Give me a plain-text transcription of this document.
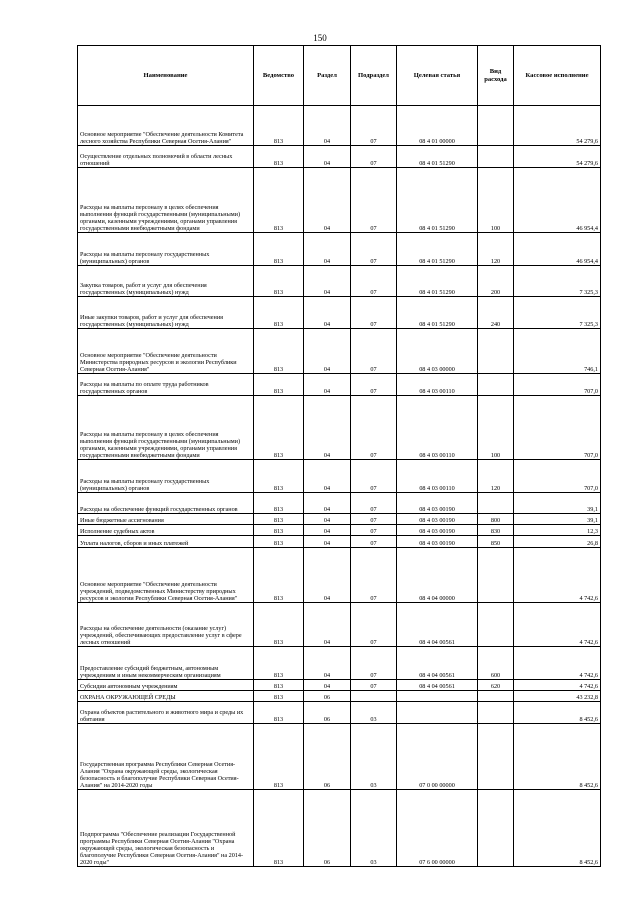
150
Наименование	Ведомство	Раздел	Подраздел	Целевая статья	Вид расхода	Кассовое исполнение
Основное мероприятие "Обеспечение деятельности Комитета лесного хозяйства Республики Северная Осетия-Алания"	813	04	07	08 4 01 00000		54 279,6
Осуществление отдельных полномочий в области лесных отношений	813	04	07	08 4 01 51290		54 279,6
Расходы на выплаты персоналу в целях обеспечения выполнения функций государственными (муниципальными) органами, казенными учреждениями, органами управления государственными внебюджетными фондами	813	04	07	08 4 01 51290	100	46 954,4
Расходы на выплаты персоналу государственных (муниципальных) органов	813	04	07	08 4 01 51290	120	46 954,4
Закупка товаров, работ и услуг для обеспечения государственных (муниципальных) нужд	813	04	07	08 4 01 51290	200	7 325,3
Иные закупки товаров, работ и услуг для обеспечения государственных (муниципальных) нужд	813	04	07	08 4 01 51290	240	7 325,3
Основное мероприятие "Обеспечение деятельности Министерства природных ресурсов и экологии Республики Северная Осетия-Алания"	813	04	07	08 4 03 00000		746,1
Расходы на выплаты по оплате труда работников государственных органов	813	04	07	08 4 03 00110		707,0
Расходы на выплаты персоналу в целях обеспечения выполнения функций государственными (муниципальными) органами, казенными учреждениями, органами управления государственными внебюджетными фондами	813	04	07	08 4 03 00110	100	707,0
Расходы на выплаты персоналу государственных (муниципальных) органов	813	04	07	08 4 03 00110	120	707,0
Расходы на обеспечение функций государственных органов	813	04	07	08 4 03 00190		39,1
Иные бюджетные ассигнования	813	04	07	08 4 03 00190	800	39,1
Исполнение судебных актов	813	04	07	08 4 03 00190	830	12,3
Уплата налогов, сборов и иных платежей	813	04	07	08 4 03 00190	850	26,8
Основное мероприятие "Обеспечение деятельности учреждений, подведомственных Министерству природных ресурсов и экологии Республики Северная Осетия-Алания"	813	04	07	08 4 04 00000		4 742,6
Расходы на обеспечение деятельности (оказание услуг) учреждений, обеспечивающих предоставление услуг в сфере лесных отношений	813	04	07	08 4 04 00561		4 742,6
Предоставление субсидий бюджетным, автономным учреждениям и иным некоммерческим организациям	813	04	07	08 4 04 00561	600	4 742,6
Субсидии автономным учреждениям	813	04	07	08 4 04 00561	620	4 742,6
ОХРАНА ОКРУЖАЮЩЕЙ СРЕДЫ	813	06				43 232,8
Охрана объектов растительного и животного мира и среды их обитания	813	06	03			8 452,6
Государственная программа Республики Северная Осетия-Алания "Охрана окружающей среды, экологическая безопасность и благополучие Республики Северная Осетия-Алания" на 2014-2020 годы	813	06	03	07 0 00 00000		8 452,6
Подпрограмма "Обеспечение реализации Государственной программы Республики Северная Осетия-Алания "Охрана окружающей среды, экологическая безопасность и благополучие Республики Северная Осетия-Алания" на 2014-2020 годы"	813	06	03	07 6 00 00000		8 452,6
